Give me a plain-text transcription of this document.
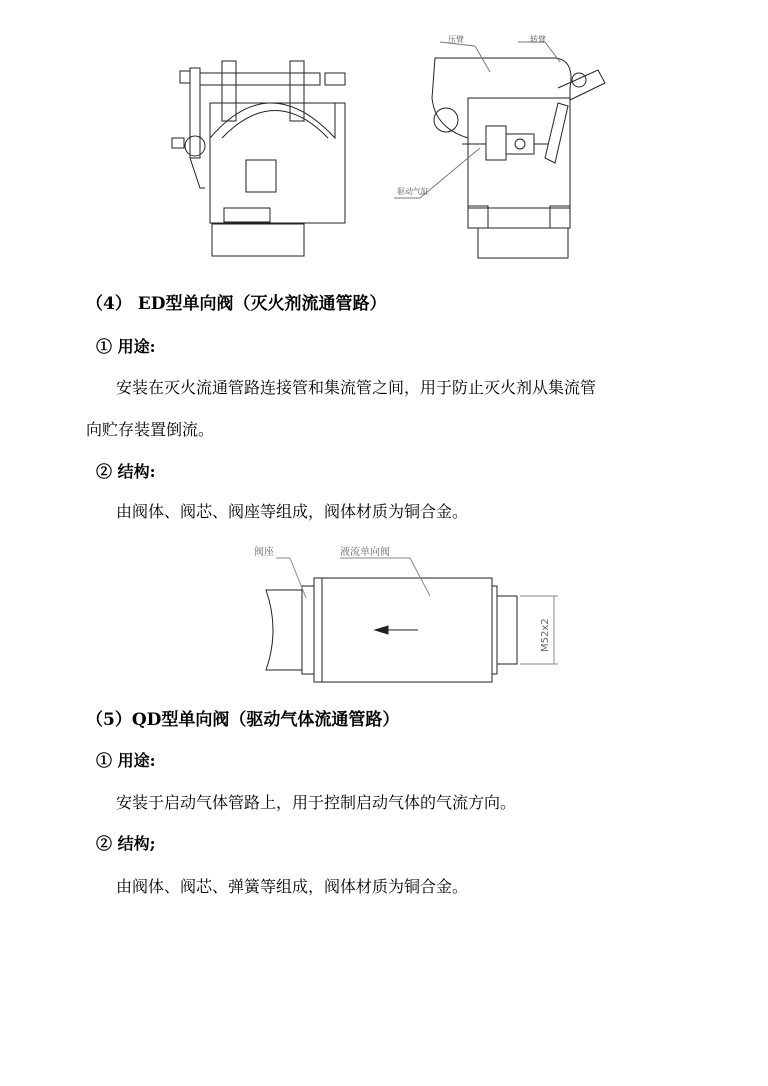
压臂	转臂
驱动气缸
（4） ED型单向阀（灭火剂流通管路）
① 用途:
安装在灭火流通管路连接管和集流管之间，用于防止灭火剂从集流管
向贮存装置倒流。
② 结构:
由阀体、阀芯、阀座等组成，阀体材质为铜合金。
阀座	液流单向阀
M52x2
（5）QD型单向阀（驱动气体流通管路）
① 用途:
安装于启动气体管路上，用于控制启动气体的气流方向。
② 结构;
由阀体、阀芯、弹簧等组成，阀体材质为铜合金。
